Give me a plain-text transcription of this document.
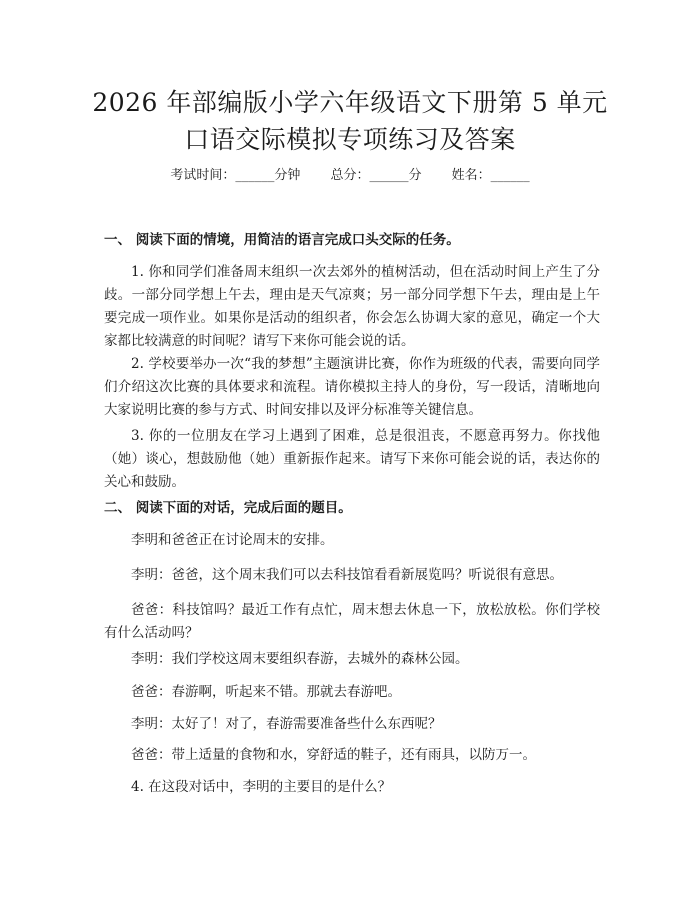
2026 年部编版小学六年级语文下册第 5 单元
口语交际模拟专项练习及答案
考试时间：______分钟 总分：______分 姓名：______
一、 阅读下面的情境，用简洁的语言完成口头交际的任务。

1. 你和同学们准备周末组织一次去郊外的植树活动，但在活动时间上产生了分歧。一部分同学想上午去，理由是天气凉爽；另一部分同学想下午去，理由是上午要完成一项作业。如果你是活动的组织者，你会怎么协调大家的意见，确定一个大家都比较满意的时间呢？请写下来你可能会说的话。

2. 学校要举办一次“我的梦想”主题演讲比赛，你作为班级的代表，需要向同学们介绍这次比赛的具体要求和流程。请你模拟主持人的身份，写一段话，清晰地向大家说明比赛的参与方式、时间安排以及评分标准等关键信息。

3. 你的一位朋友在学习上遇到了困难，总是很沮丧，不愿意再努力。你找他（她）谈心，想鼓励他（她）重新振作起来。请写下来你可能会说的话，表达你的关心和鼓励。

二、 阅读下面的对话，完成后面的题目。

李明和爸爸正在讨论周末的安排。

李明：爸爸，这个周末我们可以去科技馆看看新展览吗？听说很有意思。

爸爸：科技馆吗？最近工作有点忙，周末想去休息一下，放松放松。你们学校有什么活动吗？

李明：我们学校这周末要组织春游，去城外的森林公园。

爸爸：春游啊，听起来不错。那就去春游吧。

李明：太好了！对了，春游需要准备些什么东西呢？

爸爸：带上适量的食物和水，穿舒适的鞋子，还有雨具，以防万一。

4. 在这段对话中，李明的主要目的是什么？
